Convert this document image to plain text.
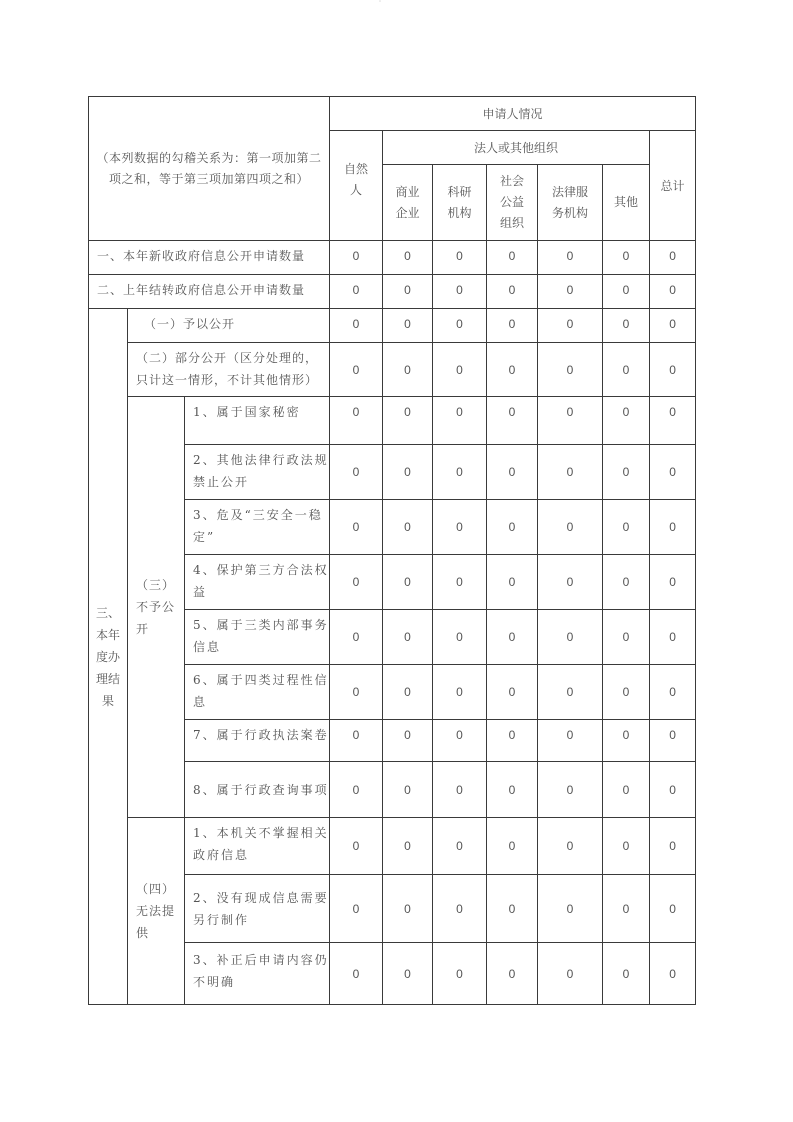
˙
（本列数据的勾稽关系为：第一项加第二项之和，等于第三项加第四项之和）			申请人情况						

			自然人	法人或其他组织					总计

				商业企业	科研机构	社会公益组织	法律服务机构	其他	

一、本年新收政府信息公开申请数量			0	0	0	0	0	0	0
二、上年结转政府信息公开申请数量			0	0	0	0	0	0	0

三、本年度办理结果	（一）予以公开		0	0	0	0	0	0	0
	（二）部分公开（区分处理的，只计这一情形，不计其他情形）		0	0	0	0	0	0	0

	（三）不予公开	1、属于国家秘密	0	0	0	0	0	0	0
		2、其他法律行政法规禁止公开	0	0	0	0	0	0	0
		3、危及“三安全一稳定”	0	0	0	0	0	0	0
		4、保护第三方合法权益	0	0	0	0	0	0	0
		5、属于三类内部事务信息	0	0	0	0	0	0	0
		6、属于四类过程性信息	0	0	0	0	0	0	0
		7、属于行政执法案卷	0	0	0	0	0	0	0
		8、属于行政查询事项	0	0	0	0	0	0	0

	（四）无法提供	1、本机关不掌握相关政府信息	0	0	0	0	0	0	0
		2、没有现成信息需要另行制作	0	0	0	0	0	0	0
		3、补正后申请内容仍不明确	0	0	0	0	0	0	0
